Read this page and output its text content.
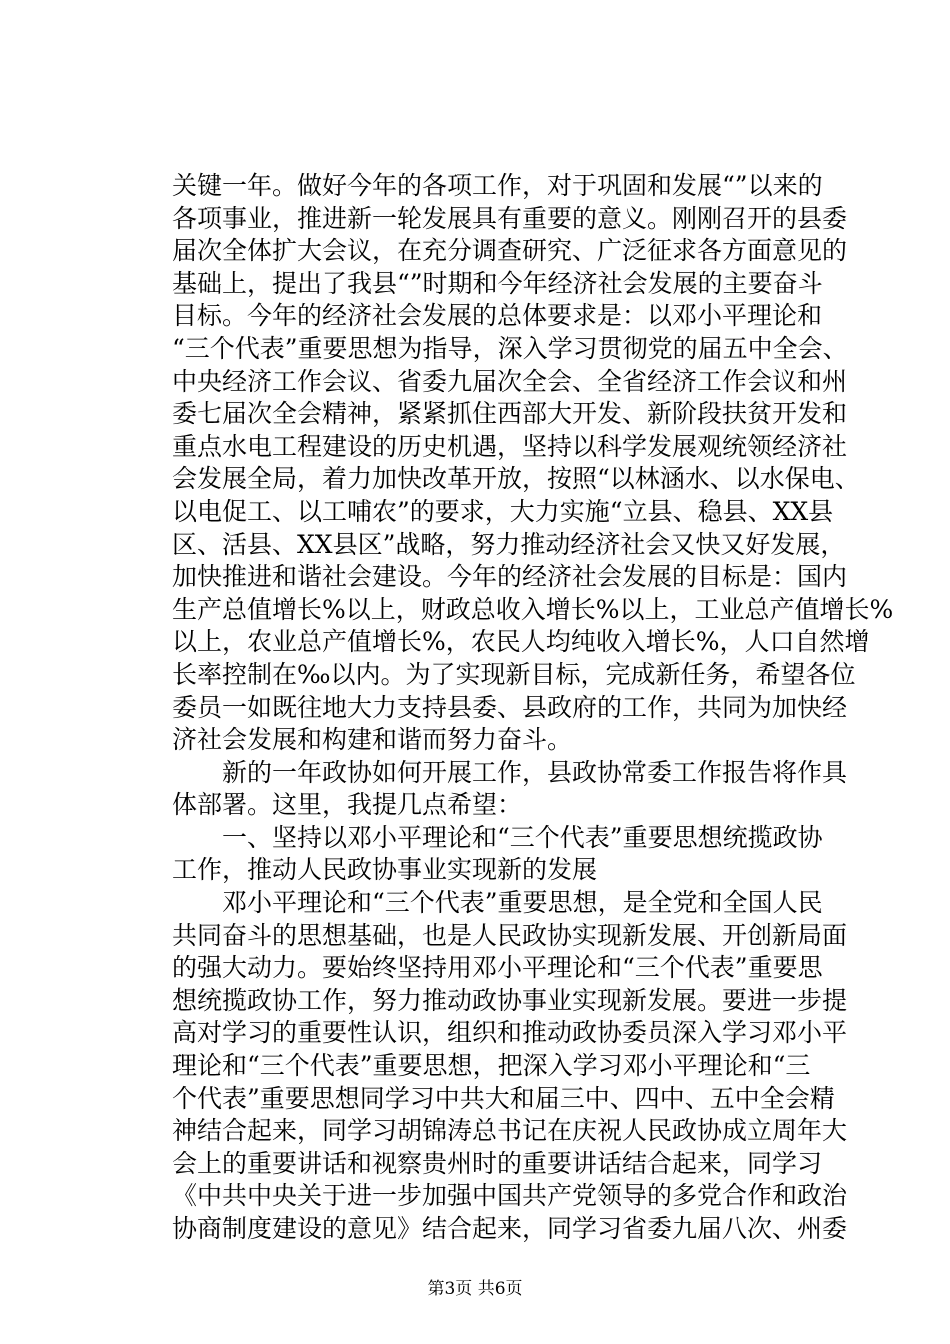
关键一年。做好今年的各项工作，对于巩固和发展“”以来的
各项事业，推进新一轮发展具有重要的意义。刚刚召开的县委
届次全体扩大会议，在充分调查研究、广泛征求各方面意见的
基础上，提出了我县“”时期和今年经济社会发展的主要奋斗
目标。今年的经济社会发展的总体要求是：以邓小平理论和
“三个代表”重要思想为指导，深入学习贯彻党的届五中全会、
中央经济工作会议、省委九届次全会、全省经济工作会议和州
委七届次全会精神，紧紧抓住西部大开发、新阶段扶贫开发和
重点水电工程建设的历史机遇，坚持以科学发展观统领经济社
会发展全局，着力加快改革开放，按照“以林涵水、以水保电、
以电促工、以工哺农”的要求，大力实施“立县、稳县、XX县
区、活县、XX县区”战略，努力推动经济社会又快又好发展，
加快推进和谐社会建设。今年的经济社会发展的目标是：国内
生产总值增长%以上，财政总收入增长%以上，工业总产值增长%
以上，农业总产值增长%，农民人均纯收入增长%，人口自然增
长率控制在‰以内。为了实现新目标，完成新任务，希望各位
委员一如既往地大力支持县委、县政府的工作，共同为加快经
济社会发展和构建和谐而努力奋斗。
新的一年政协如何开展工作，县政协常委工作报告将作具
体部署。这里，我提几点希望：
一、坚持以邓小平理论和“三个代表”重要思想统揽政协
工作，推动人民政协事业实现新的发展
邓小平理论和“三个代表”重要思想，是全党和全国人民
共同奋斗的思想基础，也是人民政协实现新发展、开创新局面
的强大动力。要始终坚持用邓小平理论和“三个代表”重要思
想统揽政协工作，努力推动政协事业实现新发展。要进一步提
高对学习的重要性认识，组织和推动政协委员深入学习邓小平
理论和“三个代表”重要思想，把深入学习邓小平理论和“三
个代表”重要思想同学习中共大和届三中、四中、五中全会精
神结合起来，同学习胡锦涛总书记在庆祝人民政协成立周年大
会上的重要讲话和视察贵州时的重要讲话结合起来，同学习
《中共中央关于进一步加强中国共产党领导的多党合作和政治
协商制度建设的意见》结合起来，同学习省委九届八次、州委
第3页 共6页
